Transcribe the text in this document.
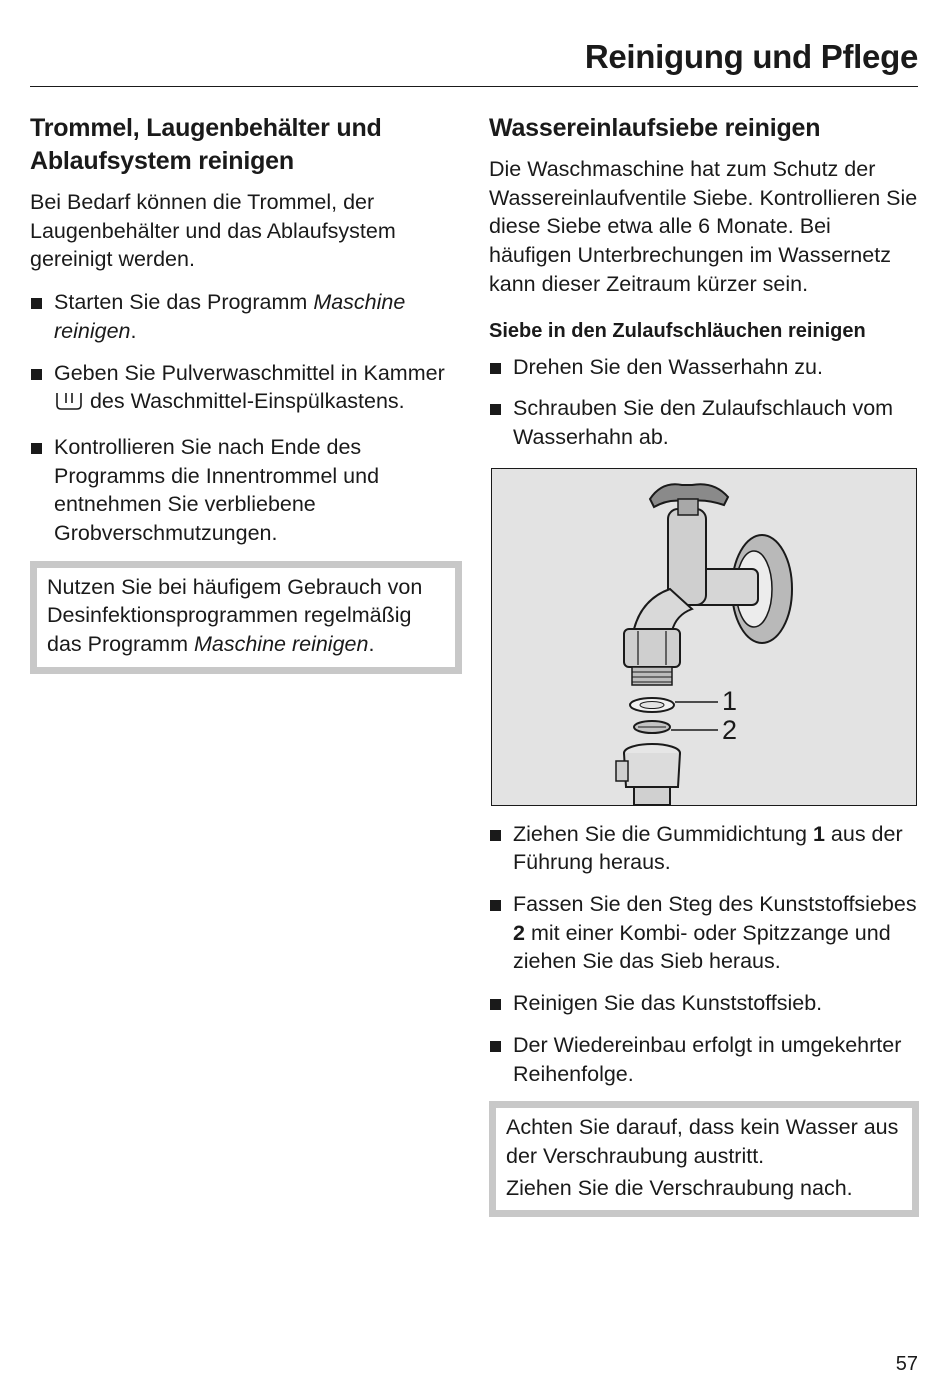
Reinigung und Pflege
Trommel, Laugenbehälter und Ablaufsystem reinigen

Bei Bedarf können die Trommel, der Laugenbehälter und das Ablaufsystem gereinigt werden.

Starten Sie das Programm Maschine reinigen.
Geben Sie Pulverwaschmittel in Kammer  des Waschmittel-Einspülkastens.
Kontrollieren Sie nach Ende des Programms die Innentrommel und entnehmen Sie verbliebene Grobverschmutzungen.
Nutzen Sie bei häufigem Gebrauch von Desinfektionsprogrammen regelmäßig das Programm Maschine reinigen.
Wassereinlaufsiebe reinigen

Die Waschmaschine hat zum Schutz der Wassereinlaufventile Siebe. Kontrollieren Sie diese Siebe etwa alle 6 Monate. Bei häufigen Unterbrechungen im Wassernetz kann dieser Zeitraum kürzer sein.

Siebe in den Zulaufschläuchen reinigen
Drehen Sie den Wasserhahn zu.
Schrauben Sie den Zulaufschlauch vom Wasserhahn ab.
1
2
Ziehen Sie die Gummidichtung 1 aus der Führung heraus.
Fassen Sie den Steg des Kunststoffsiebes 2 mit einer Kombi- oder Spitzzange und ziehen Sie das Sieb heraus.
Reinigen Sie das Kunststoffsieb.
Der Wiedereinbau erfolgt in umgekehrter Reihenfolge.
Achten Sie darauf, dass kein Wasser aus der Verschraubung austritt.
Ziehen Sie die Verschraubung nach.
57
